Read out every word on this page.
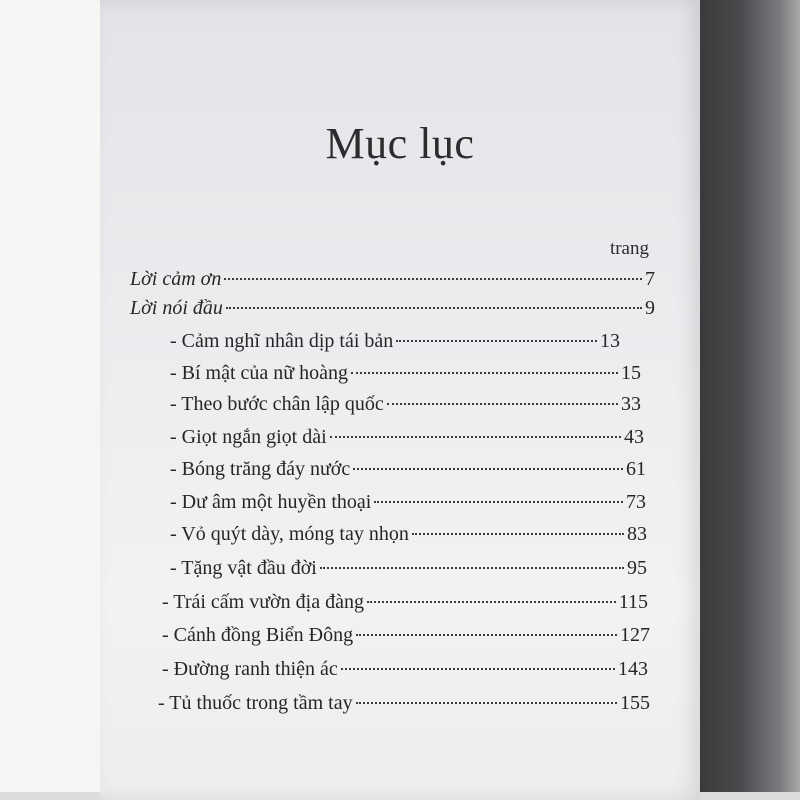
Mục lục
trang
Lời cảm ơn	7
Lời nói đầu	9
- Cảm nghĩ nhân dịp tái bản	13
- Bí mật của nữ hoàng	15
- Theo bước chân lập quốc	33
- Giọt ngắn giọt dài	43
- Bóng trăng đáy nước	61
- Dư âm một huyền thoại	73
- Vỏ quýt dày, móng tay nhọn	83
- Tặng vật đầu đời	95
- Trái cấm vườn địa đàng	115
- Cánh đồng Biển Đông	127
- Đường ranh thiện ác	143
- Tủ thuốc trong tầm tay	155
